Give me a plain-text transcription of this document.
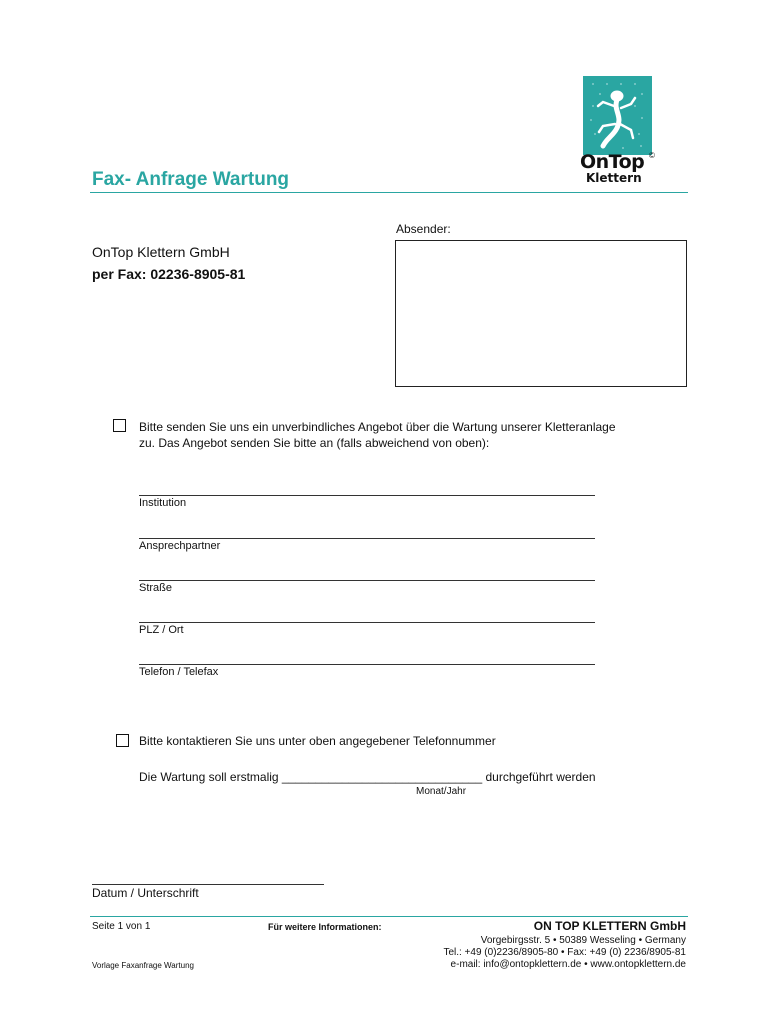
OnTop
Klettern
©
Fax- Anfrage Wartung
Absender:
OnTop Klettern GmbH
per Fax: 02236-8905-81
Bitte senden Sie uns ein unverbindliches Angebot über die Wartung unserer Kletteranlage
zu. Das Angebot senden Sie bitte an (falls abweichend von oben):
Institution
Ansprechpartner
Straße
PLZ / Ort
Telefon / Telefax
Bitte kontaktieren Sie uns unter oben angegebener Telefonnummer
Die Wartung soll erstmalig ______________________________ durchgeführt werden
Monat/Jahr
Datum / Unterschrift
Seite 1 von 1	Für weitere Informationen:	ON TOP KLETTERN GmbH
Vorgebirgsstr. 5 • 50389 Wesseling • Germany
Tel.: +49 (0)2236/8905-80 • Fax: +49 (0) 2236/8905-81
e-mail: info@ontopklettern.de • www.ontopklettern.de
Vorlage Faxanfrage Wartung
